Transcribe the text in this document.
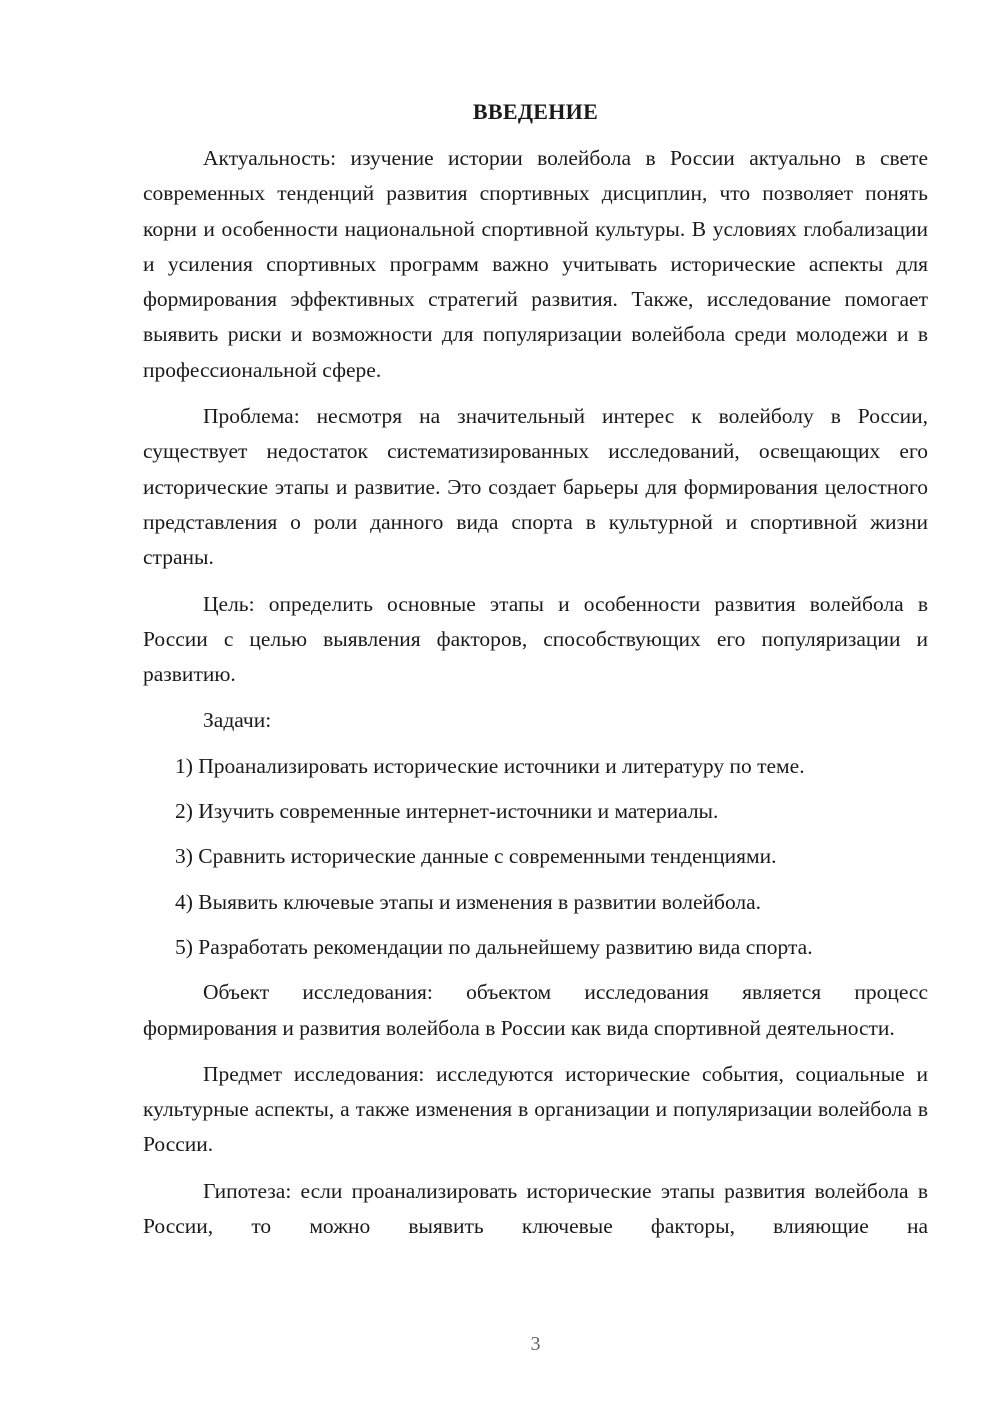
ВВЕДЕНИЕ

Актуальность: изучение истории волейбола в России актуально в свете современных тенденций развития спортивных дисциплин, что позволяет понять корни и особенности национальной спортивной культуры. В условиях глобализации и усиления спортивных программ важно учитывать исторические аспекты для формирования эффективных стратегий развития. Также, исследование помогает выявить риски и возможности для популяризации волейбола среди молодежи и в профессиональной сфере.

Проблема: несмотря на значительный интерес к волейболу в России, существует недостаток систематизированных исследований, освещающих его исторические этапы и развитие. Это создает барьеры для формирования целостного представления о роли данного вида спорта в культурной и спортивной жизни страны.

Цель: определить основные этапы и особенности развития волейбола в России с целью выявления факторов, способствующих его популяризации и развитию.

Задачи:

1) Проанализировать исторические источники и литературу по теме.
2) Изучить современные интернет-источники и материалы.
3) Сравнить исторические данные с современными тенденциями.
4) Выявить ключевые этапы и изменения в развитии волейбола.
5) Разработать рекомендации по дальнейшему развитию вида спорта.

Объект исследования: объектом исследования является процесс формирования и развития волейбола в России как вида спортивной деятельности.

Предмет исследования: исследуются исторические события, социальные и культурные аспекты, а также изменения в организации и популяризации волейбола в России.

Гипотеза: если проанализировать исторические этапы развития волейбола в России, то можно выявить ключевые факторы, влияющие на

3
